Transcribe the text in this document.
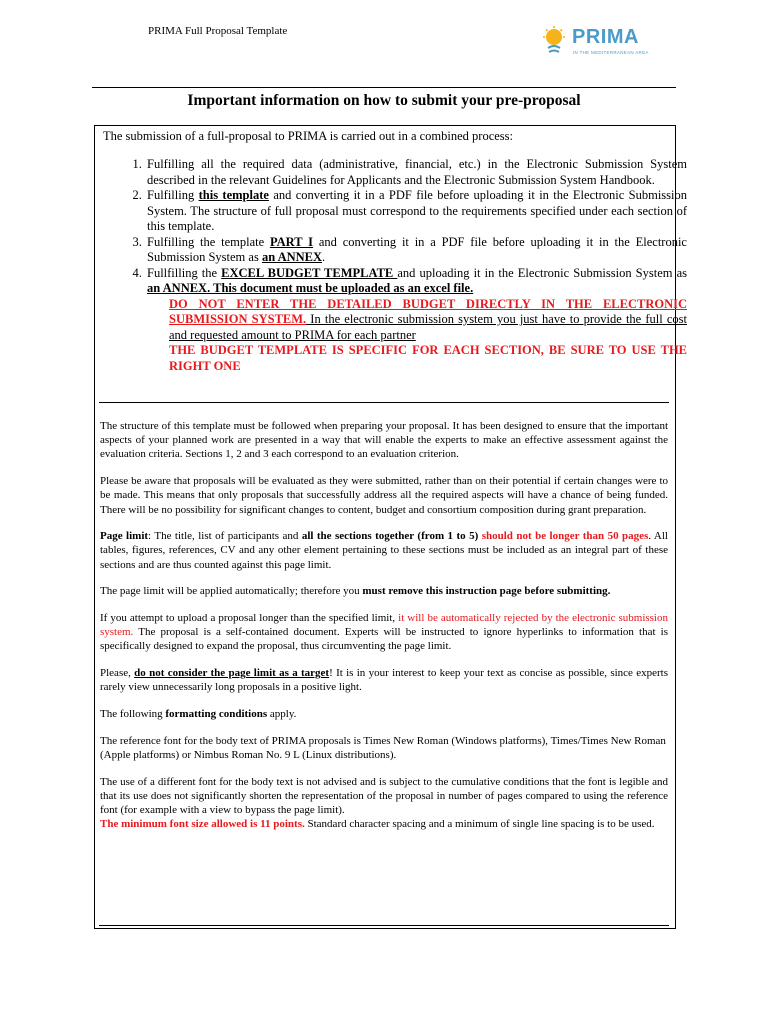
PRIMA Full Proposal Template	PRIMA
IN THE MEDITERRANEAN AREA
Important information on how to submit your pre-proposal
The submission of a full-proposal to PRIMA is carried out in a combined process:
1. Fulfilling all the required data (administrative, financial, etc.) in the Electronic Submission System described in the relevant Guidelines for Applicants and the Electronic Submission System Handbook.
2. Fulfilling this template and converting it in a PDF file before uploading it in the Electronic Submission System. The structure of full proposal must correspond to the requirements specified under each section of this template.
3. Fulfilling the template PART I and converting it in a PDF file before uploading it in the Electronic Submission System as an ANNEX.
4. Fullfilling the EXCEL BUDGET TEMPLATE and uploading it in the Electronic Submission System as an ANNEX. This document must be uploaded as an excel file.
DO NOT ENTER THE DETAILED BUDGET DIRECTLY IN THE ELECTRONIC SUBMISSION SYSTEM. In the electronic submission system you just have to provide the full cost and requested amount to PRIMA for each partner
THE BUDGET TEMPLATE IS SPECIFIC FOR EACH SECTION, BE SURE TO USE THE RIGHT ONE

The structure of this template must be followed when preparing your proposal. It has been designed to ensure that the important aspects of your planned work are presented in a way that will enable the experts to make an effective assessment against the evaluation criteria. Sections 1, 2 and 3 each correspond to an evaluation criterion.

Please be aware that proposals will be evaluated as they were submitted, rather than on their potential if certain changes were to be made. This means that only proposals that successfully address all the required aspects will have a chance of being funded. There will be no possibility for significant changes to content, budget and consortium composition during grant preparation.

Page limit: The title, list of participants and all the sections together (from 1 to 5) should not be longer than 50 pages. All tables, figures, references, CV and any other element pertaining to these sections must be included as an integral part of these sections and are thus counted against this page limit.

The page limit will be applied automatically; therefore you must remove this instruction page before submitting.

If you attempt to upload a proposal longer than the specified limit, it will be automatically rejected by the electronic submission system. The proposal is a self-contained document. Experts will be instructed to ignore hyperlinks to information that is specifically designed to expand the proposal, thus circumventing the page limit.

Please, do not consider the page limit as a target! It is in your interest to keep your text as concise as possible, since experts rarely view unnecessarily long proposals in a positive light.

The following formatting conditions apply.

The reference font for the body text of PRIMA proposals is Times New Roman (Windows platforms), Times/Times New Roman (Apple platforms) or Nimbus Roman No. 9 L (Linux distributions).

The use of a different font for the body text is not advised and is subject to the cumulative conditions that the font is legible and that its use does not significantly shorten the representation of the proposal in number of pages compared to using the reference font (for example with a view to bypass the page limit).
The minimum font size allowed is 11 points. Standard character spacing and a minimum of single line spacing is to be used.
